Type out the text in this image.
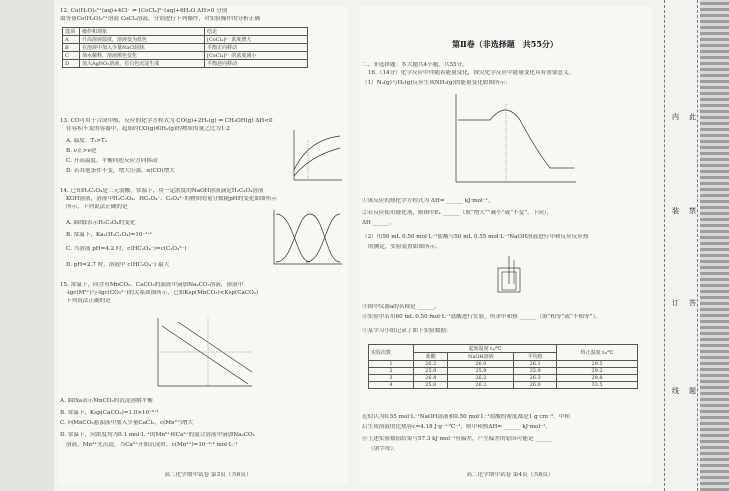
12. Co(H₂O)₆²⁺(aq)+4Cl⁻ ⇌ [CoCl₄]²⁻(aq)+6H₂O ΔH>0 分别
取等量Co(H₂O)₆²⁺溶液 CoCl₂溶液，分别进行下列操作，对实验操作的分析正确
选项	操作和现象	结论
A	升高溶液温度，溶液变为蓝色	[CoCl₄]²⁻ 浓度增大
B	在溶液中加入少量NaCl固体	平衡正向移动
C	加水稀释，溶液颜色变化	[CoCl₄]²⁻ 的浓度减小
D	加入AgNO₃溶液，有白色沉淀生成	平衡逆向移动
13. CO可用于合成甲醇，反应的化学方程式为 CO(g)+2H₂(g) ⇌ CH₃OH(g) ΔH<0
在容积不变的容器中，起始时CO(g)和H₂(g)的物质的量之比为1:2
A. 温度：T₁>T₂
B. ν正>ν逆
C. 升高温度，平衡向逆反应方向移动
D. 若其他条件不变，增大压强，α(CO)增大
14. 已知H₂C₂O₄是二元弱酸，常温下，用一定浓度的NaOH溶液滴定H₂C₂O₄溶液
KOH溶液，溶液中H₂C₂O₄、HC₂O₄⁻、C₂O₄²⁻的物质的量分数随pH的变化如图所示
所示。下列说法正确的是
A. 曲线Ⅰ表示H₂C₂O₄的变化
B. 常温下，Ka₁(H₂C₂O₄)=10⁻¹·²
C. 当溶液 pH=4.2 时，c(HC₂O₄⁻)=c(C₂O₄²⁻)
D. pH=2.7 时，溶液中 c(HC₂O₄⁻) 最大
15. 常温下，向含有MnCO₃、CaCO₃的浊液中滴加Na₂CO₃溶液，溶液中
-lgc(M²⁺)与-lgc(CO₃²⁻)的关系如图所示，已知Ksp(MnCO₃)<Ksp(CaCO₃)
下列说法正确的是
A. 曲线a表示MnCO₃的沉淀溶解平衡
B. 常温下，Ksp(CaCO₃)=1.0×10⁻⁸·³
C. 向MnCO₃悬浊液中加入少量CaCl₂，c(Mn²⁺)增大
D. 常温下，向浓度均为0.1 mol·L⁻¹的Mn²⁺和Ca²⁺的混合溶液中滴加Na₂CO₃
溶液，Mn²⁺先沉淀，当Ca²⁺开始沉淀时，c(Mn²⁺)=10⁻²·⁴ mol·L⁻¹
高二化学期中试卷 第3页（共6页）
第Ⅱ卷（非选择题　共55分）
二、非选择题：本大题共4小题，共55分。
16.（14分）化学反应中伴随着能量变化，探究化学反应中能量变化具有重要意义。
（1）N₂(g)与H₂(g)反应生成NH₃(g)的能量变化如图所示：
①该反应的热化学方程式为 ΔH= ______ kJ·mol⁻¹。
②若反应使用催化剂，则图中E₁ ______（填“增大”“减小”或“不变”，下同），
ΔH ______。
（2）用50 mL 0.50 mol·L⁻¹盐酸与50 mL 0.55 mol·L⁻¹NaOH溶液进行中和反应反应热
的测定，实验装置如图所示。
③图中仪器a的名称是 ______。
④实验中若用60 mL 0.50 mol·L⁻¹盐酸进行实验，所求中和热 ______（填“相等”或“不相等”）。
⑤某学习小组记录了如下实验数据：
实验次数	起始温度 t₁/℃			终止温度 t₂/℃
	盐酸	NaOH溶液	平均值	
1	26.2	26.0	26.1	29.5
2	25.9	25.9	25.9	29.2
3	26.4	26.2	26.3	29.8
4	25.8	26.2	26.0	33.5
近似认为0.55 mol·L⁻¹NaOH溶液和0.50 mol·L⁻¹盐酸的密度都是1 g·cm⁻³，中和
后生成溶液的比热容c=4.18 J·g⁻¹·℃⁻¹，则中和热ΔH= ______ kJ·mol⁻¹。
⑥上述实验数值结果与57.3 kJ·mol⁻¹有偏差，产生偏差的原因可能是 ______
（填字母）。
高二化学期中试卷 第4页（共6页）
内
装
订
线
此
禁
答
题
